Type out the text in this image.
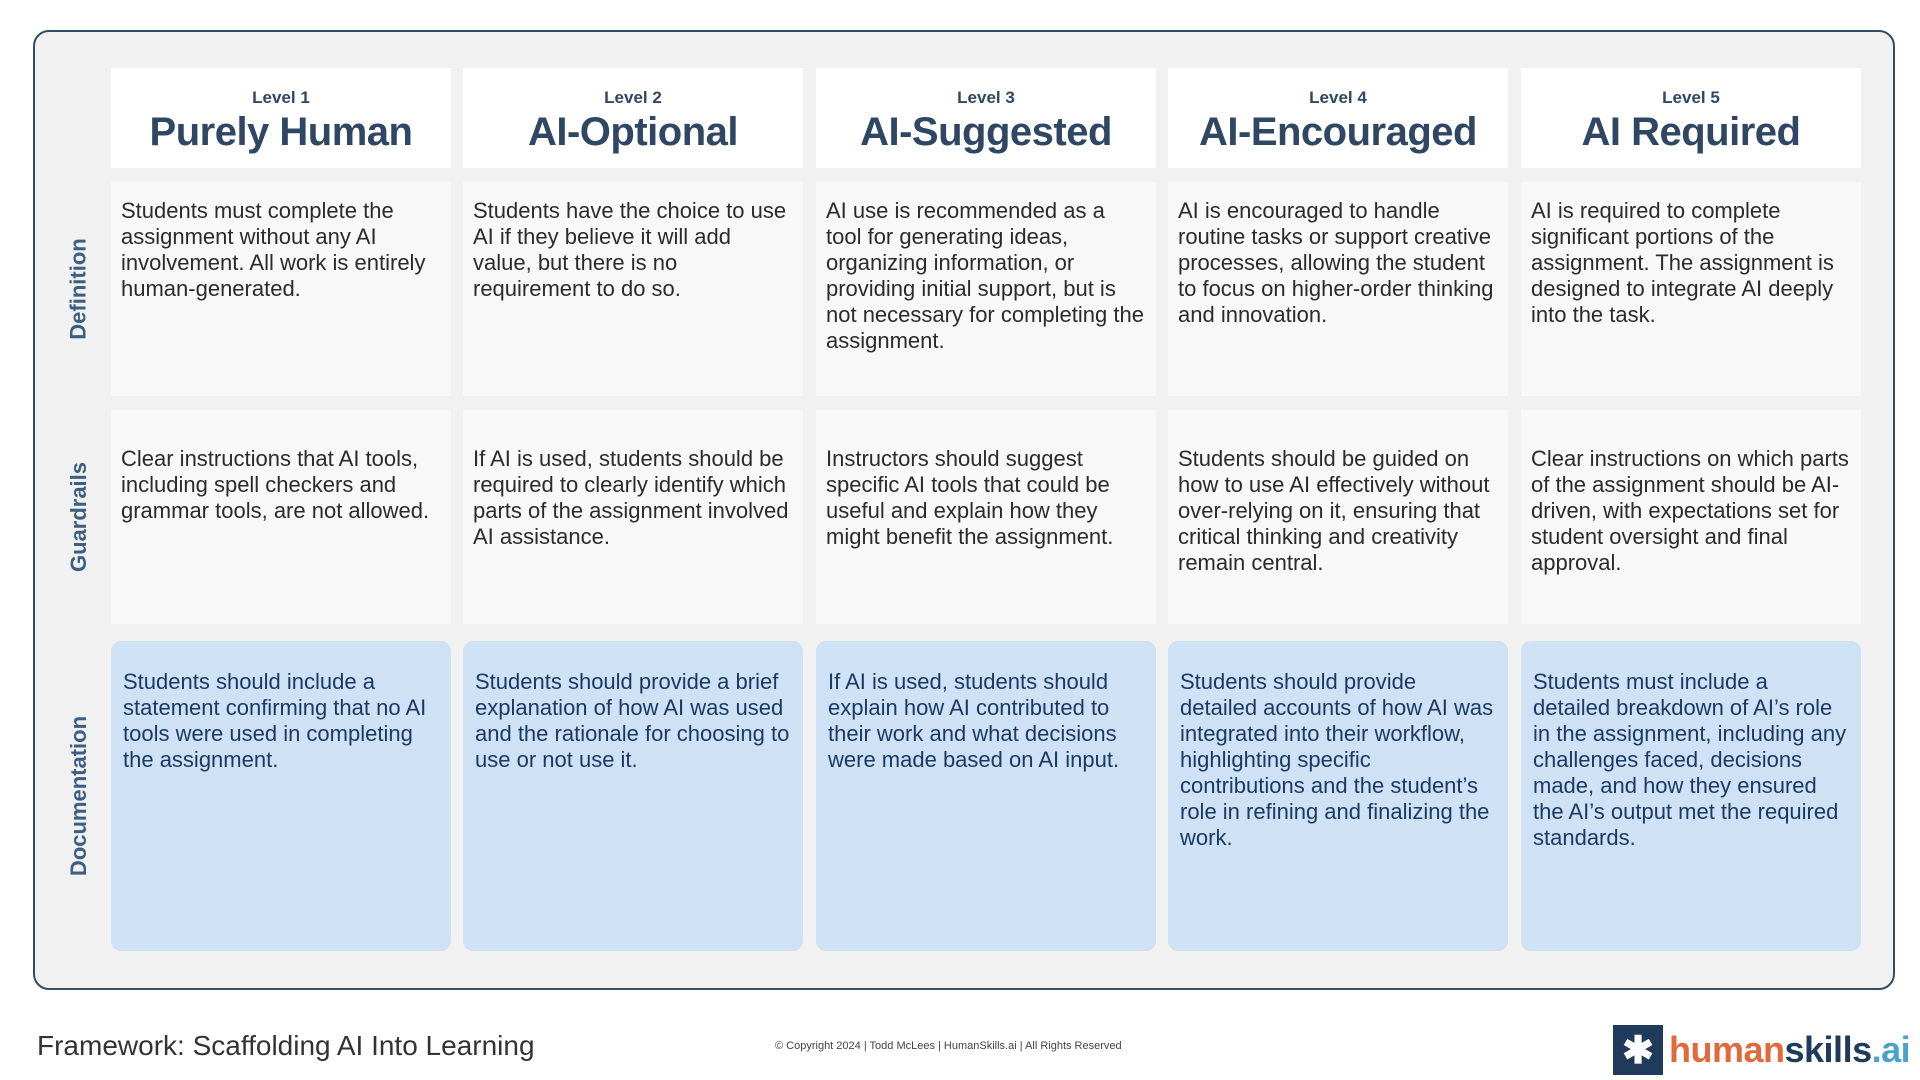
Definition
Guardrails
Documentation
Level 1
Purely Human
Students must complete the assignment without any AI involvement. All work is entirely human-generated.
Clear instructions that AI tools, including spell checkers and grammar tools, are not allowed.
Students should include a statement confirming that no AI tools were used in completing the assignment.
Level 2
AI-Optional
Students have the choice to use AI if they believe it will add value, but there is no requirement to do so.
If AI is used, students should be required to clearly identify which parts of the assignment involved AI assistance.
Students should provide a brief explanation of how AI was used and the rationale for choosing to use or not use it.
Level 3
AI-Suggested
AI use is recommended as a tool for generating ideas, organizing information, or providing initial support, but is not necessary for completing the assignment.
Instructors should suggest specific AI tools that could be useful and explain how they might benefit the assignment.
If AI is used, students should explain how AI contributed to their work and what decisions were made based on AI input.
Level 4
AI-Encouraged
AI is encouraged to handle routine tasks or support creative processes, allowing the student to focus on higher-order thinking and innovation.
Students should be guided on how to use AI effectively without over-relying on it, ensuring that critical thinking and creativity remain central.
Students should provide detailed accounts of how AI was integrated into their workflow, highlighting specific contributions and the student’s role in refining and finalizing the work.
Level 5
AI Required
AI is required to complete significant portions of the assignment. The assignment is designed to integrate AI deeply into the task.
Clear instructions on which parts of the assignment should be AI-driven, with expectations set for student oversight and final approval.
Students must include a detailed breakdown of AI’s role in the assignment, including any challenges faced, decisions made, and how they ensured the AI’s output met the required standards.
Framework: Scaffolding AI Into Learning	© Copyright 2024 | Todd McLees | HumanSkills.ai | All Rights Reserved	✱ humanskills.ai
